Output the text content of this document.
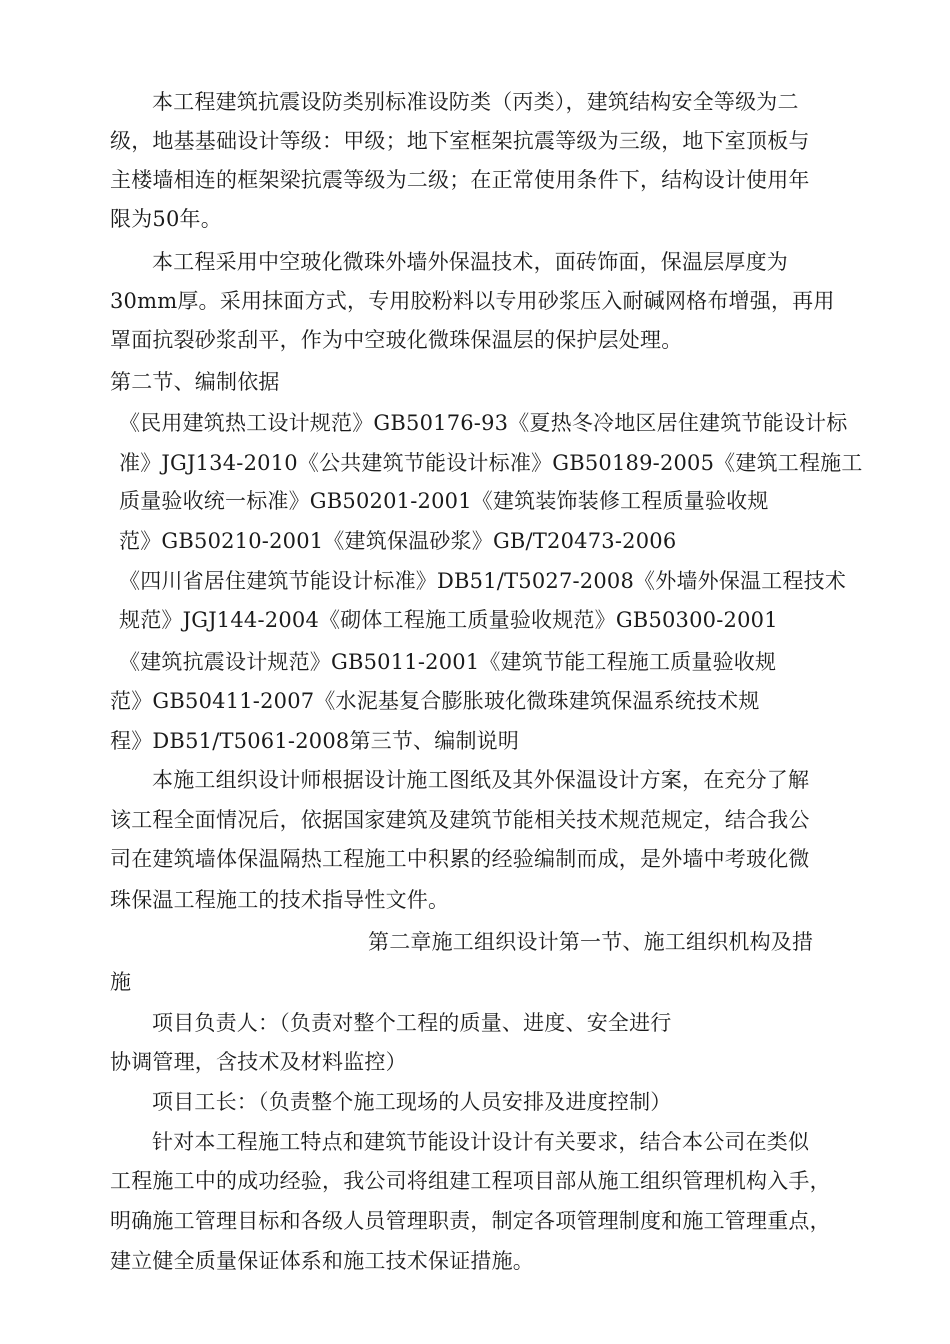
本工程建筑抗震设防类别标准设防类（丙类），建筑结构安全等级为二
级，地基基础设计等级：甲级；地下室框架抗震等级为三级，地下室顶板与
主楼墙相连的框架梁抗震等级为二级；在正常使用条件下，结构设计使用年
限为50年。
本工程采用中空玻化微珠外墙外保温技术，面砖饰面，保温层厚度为
30mm厚。采用抹面方式，专用胶粉料以专用砂浆压入耐碱网格布增强，再用
罩面抗裂砂浆刮平，作为中空玻化微珠保温层的保护层处理。
第二节、编制依据
《民用建筑热工设计规范》GB50176-93《夏热冬冷地区居住建筑节能设计标
准》JGJ134-2010《公共建筑节能设计标准》GB50189-2005《建筑工程施工
质量验收统一标准》GB50201-2001《建筑装饰装修工程质量验收规
范》GB50210-2001《建筑保温砂浆》GB/T20473-2006
《四川省居住建筑节能设计标准》DB51/T5027-2008《外墙外保温工程技术
规范》JGJ144-2004《砌体工程施工质量验收规范》GB50300-2001
《建筑抗震设计规范》GB5011-2001《建筑节能工程施工质量验收规
范》GB50411-2007《水泥基复合膨胀玻化微珠建筑保温系统技术规
程》DB51/T5061-2008第三节、编制说明
本施工组织设计师根据设计施工图纸及其外保温设计方案，在充分了解
该工程全面情况后，依据国家建筑及建筑节能相关技术规范规定，结合我公
司在建筑墙体保温隔热工程施工中积累的经验编制而成，是外墙中考玻化微
珠保温工程施工的技术指导性文件。
第二章施工组织设计第一节、施工组织机构及措
施
项目负责人：（负责对整个工程的质量、进度、安全进行
协调管理，含技术及材料监控）
项目工长：（负责整个施工现场的人员安排及进度控制）
针对本工程施工特点和建筑节能设计设计有关要求，结合本公司在类似
工程施工中的成功经验，我公司将组建工程项目部从施工组织管理机构入手，
明确施工管理目标和各级人员管理职责，制定各项管理制度和施工管理重点，
建立健全质量保证体系和施工技术保证措施。
